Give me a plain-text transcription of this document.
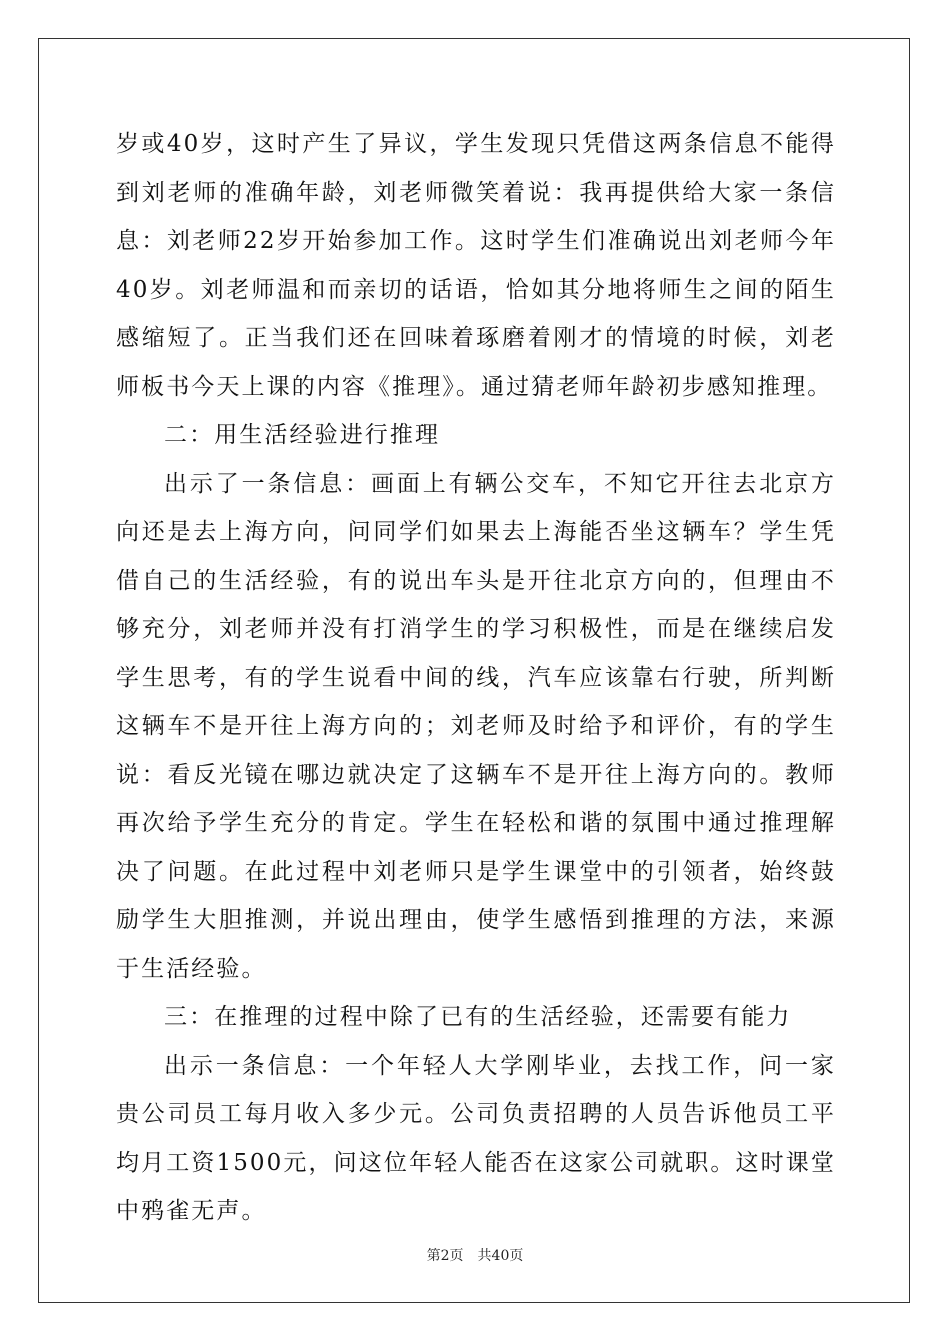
岁或40岁，这时产生了异议，学生发现只凭借这两条信息不能得到刘老师的准确年龄，刘老师微笑着说：我再提供给大家一条信息：刘老师22岁开始参加工作。这时学生们准确说出刘老师今年40岁。刘老师温和而亲切的话语，恰如其分地将师生之间的陌生感缩短了。正当我们还在回味着琢磨着刚才的情境的时候，刘老师板书今天上课的内容《推理》。通过猜老师年龄初步感知推理。

二：用生活经验进行推理

出示了一条信息：画面上有辆公交车，不知它开往去北京方向还是去上海方向，问同学们如果去上海能否坐这辆车？学生凭借自己的生活经验，有的说出车头是开往北京方向的，但理由不够充分，刘老师并没有打消学生的学习积极性，而是在继续启发学生思考，有的学生说看中间的线，汽车应该靠右行驶，所判断这辆车不是开往上海方向的；刘老师及时给予和评价，有的学生说：看反光镜在哪边就决定了这辆车不是开往上海方向的。教师再次给予学生充分的肯定。学生在轻松和谐的氛围中通过推理解决了问题。在此过程中刘老师只是学生课堂中的引领者，始终鼓励学生大胆推测，并说出理由，使学生感悟到推理的方法，来源于生活经验。

三：在推理的过程中除了已有的生活经验，还需要有能力

出示一条信息：一个年轻人大学刚毕业，去找工作，问一家贵公司员工每月收入多少元。公司负责招聘的人员告诉他员工平均月工资1500元，问这位年轻人能否在这家公司就职。这时课堂中鸦雀无声。

第2页 共40页
